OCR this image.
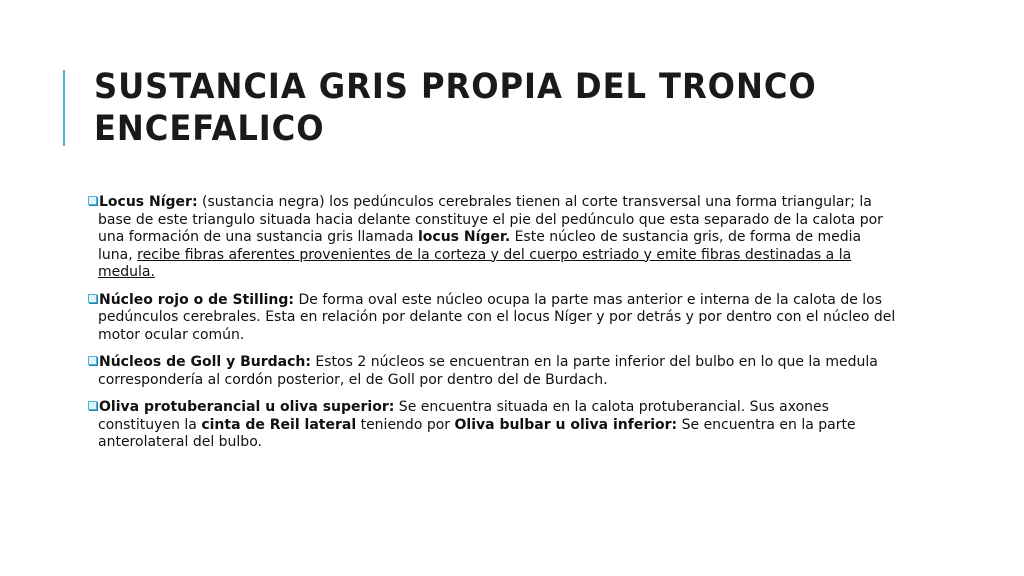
SUSTANCIA GRIS PROPIA DEL TRONCO ENCEFALICO

Locus Níger: (sustancia negra) los pedúnculos cerebrales tienen al corte transversal una forma triangular; la base de este triangulo situada hacia delante constituye el pie del pedúnculo que esta separado de la calota por una formación de una sustancia gris llamada locus Níger. Este núcleo de sustancia gris, de forma de media luna, recibe fibras aferentes provenientes de la corteza y del cuerpo estriado y emite fibras destinadas a la medula.

Núcleo rojo o de Stilling: De forma oval este núcleo ocupa la parte mas anterior e interna de la calota de los pedúnculos cerebrales. Esta en relación por delante con el locus Níger y por detrás y por dentro con el núcleo del motor ocular común.

Núcleos de Goll y Burdach: Estos 2 núcleos se encuentran en la parte inferior del bulbo en lo que la medula correspondería al cordón posterior, el de Goll por dentro del de Burdach.

Oliva protuberancial u oliva superior: Se encuentra situada en la calota protuberancial. Sus axones constituyen la cinta de Reil lateral teniendo por Oliva bulbar u oliva inferior: Se encuentra en la parte anterolateral del bulbo.
